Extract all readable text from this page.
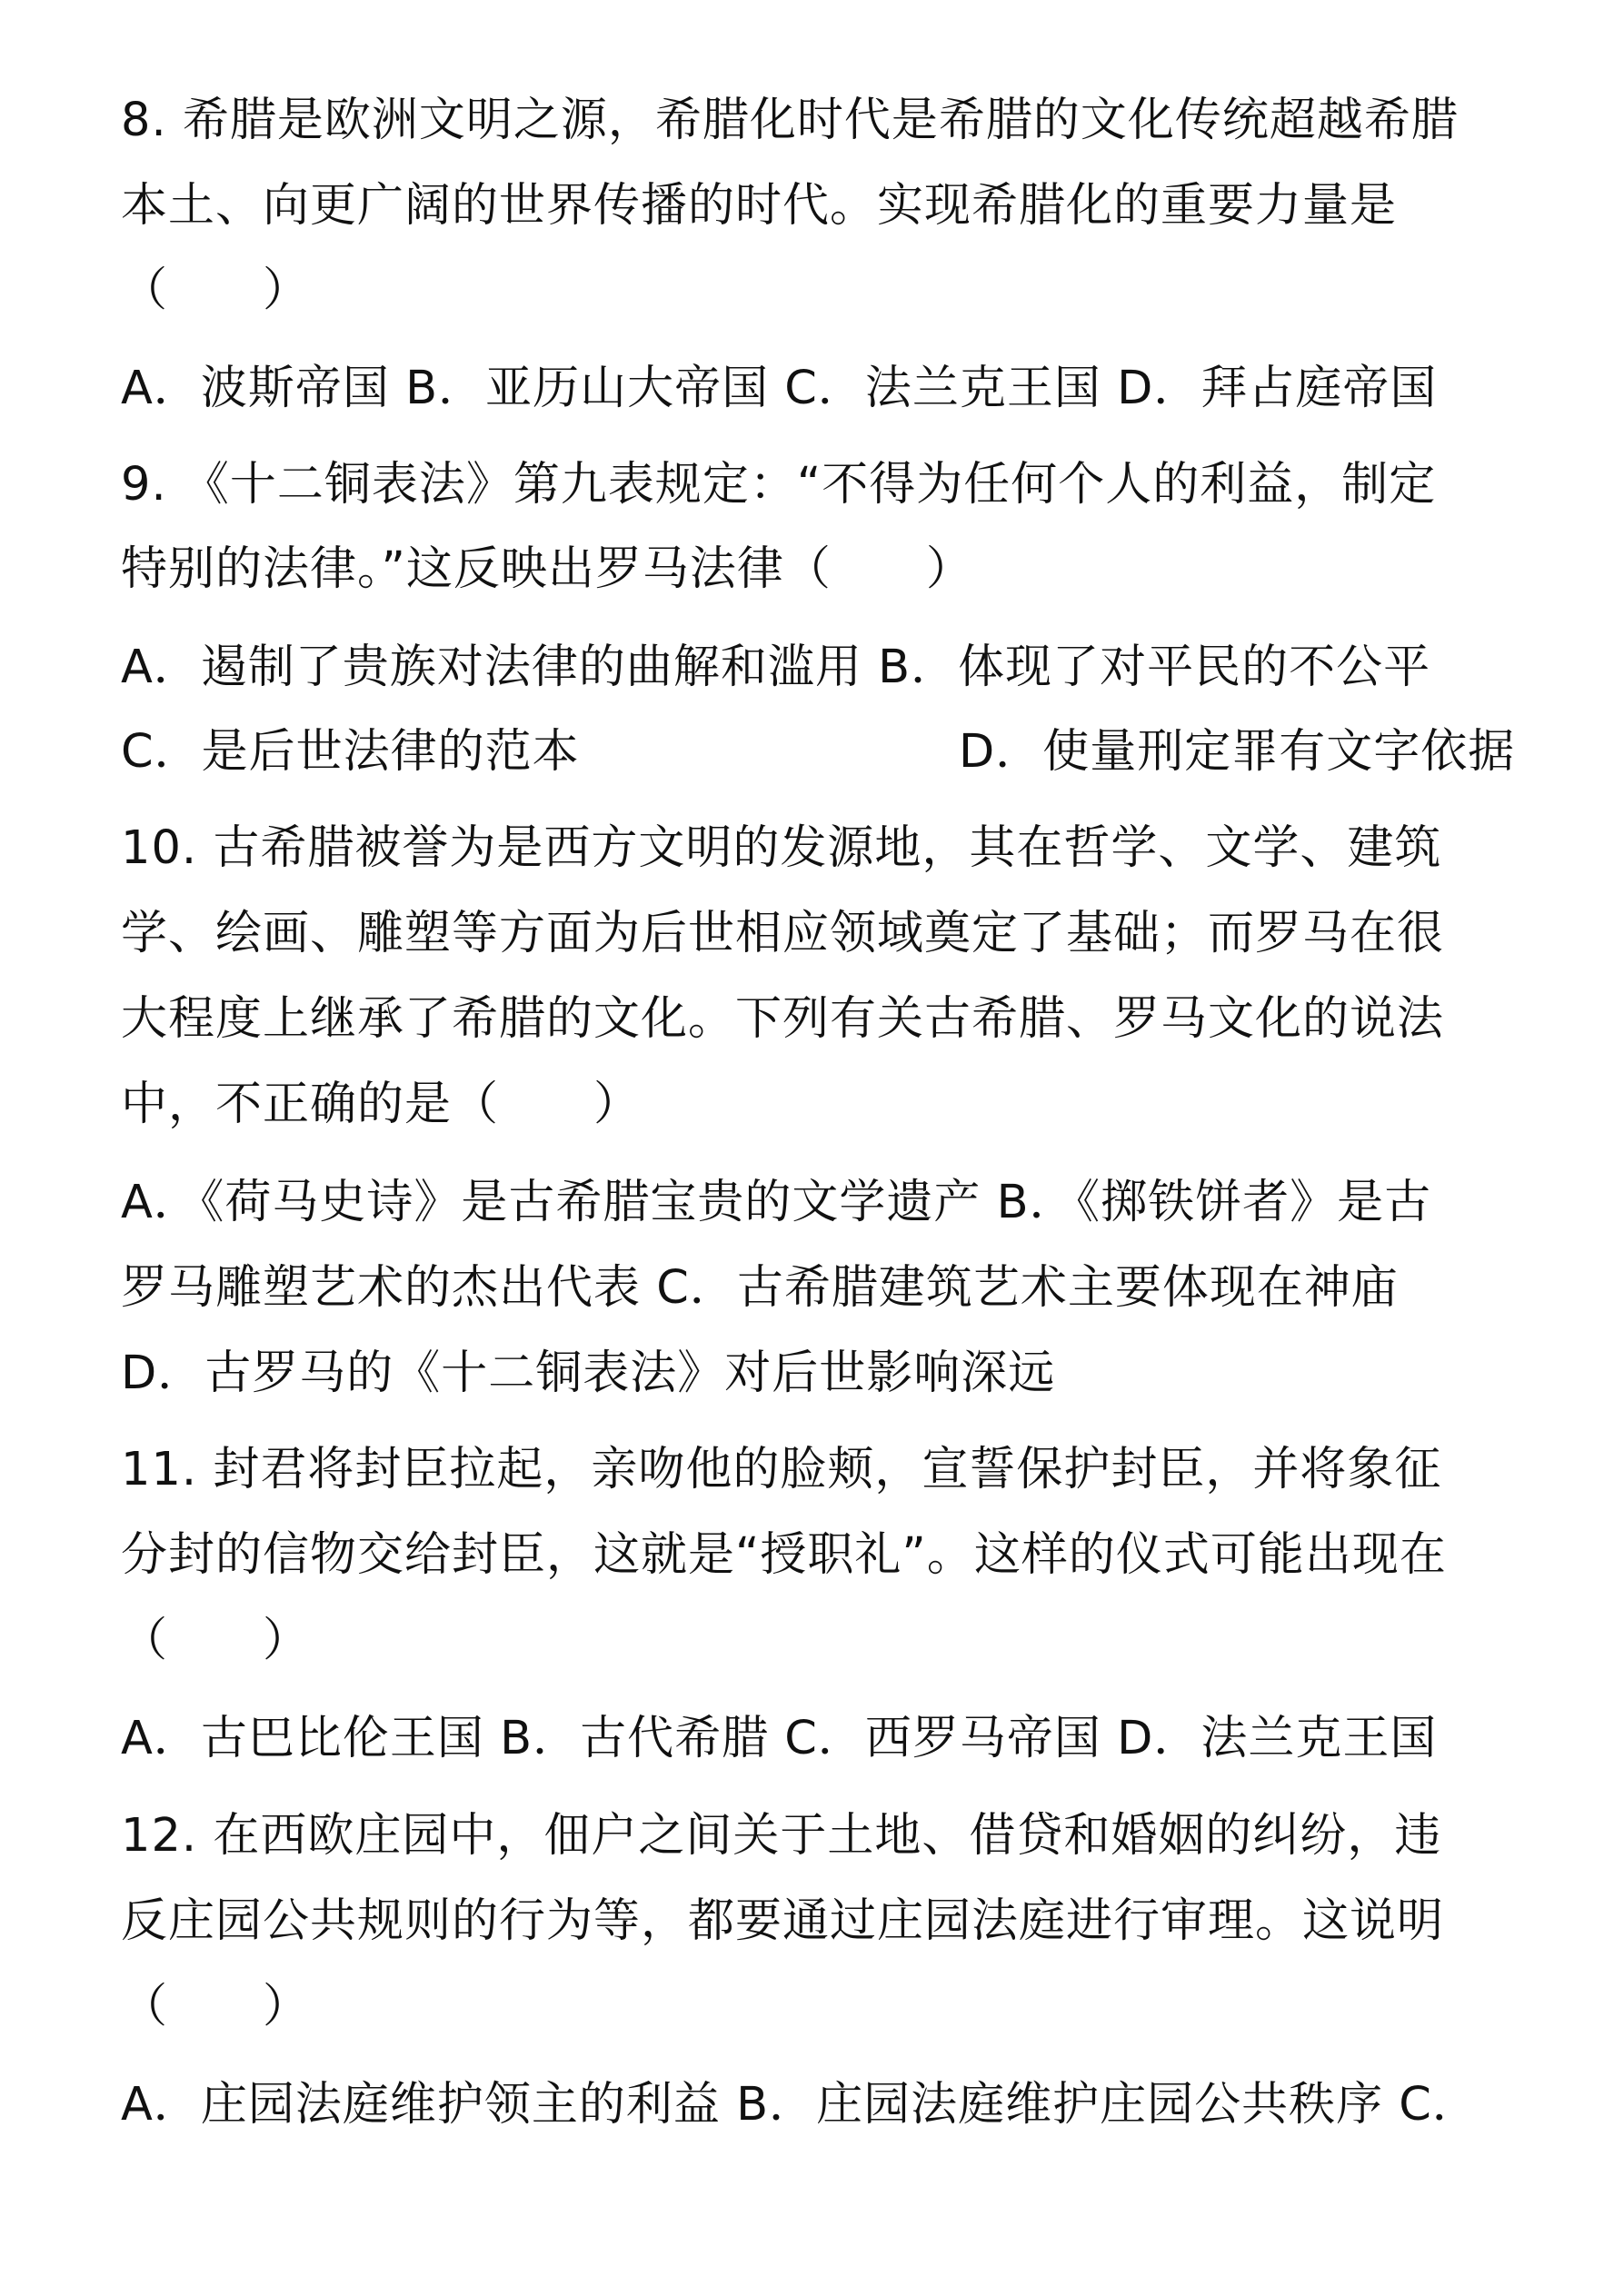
8. 希腊是欧洲文明之源，希腊化时代是希腊的文化传统超越希腊
本土、向更广阔的世界传播的时代。实现希腊化的重要力量是
（　　）
A．波斯帝国 B．亚历山大帝国 C．法兰克王国 D．拜占庭帝国
9. 《十二铜表法》第九表规定：“不得为任何个人的利益，制定
特别的法律。”这反映出罗马法律（　　）
A．遏制了贵族对法律的曲解和滥用 B．体现了对平民的不公平
C．是后世法律的范本	D．使量刑定罪有文字依据
10. 古希腊被誉为是西方文明的发源地，其在哲学、文学、建筑
学、绘画、雕塑等方面为后世相应领域奠定了基础；而罗马在很
大程度上继承了希腊的文化。下列有关古希腊、罗马文化的说法
中，不正确的是（　　）
A．《荷马史诗》是古希腊宝贵的文学遗产 B．《掷铁饼者》是古
罗马雕塑艺术的杰出代表 C．古希腊建筑艺术主要体现在神庙
D．古罗马的《十二铜表法》对后世影响深远
11. 封君将封臣拉起，亲吻他的脸颊，宣誓保护封臣，并将象征
分封的信物交给封臣，这就是“授职礼”。这样的仪式可能出现在
（　　）
A．古巴比伦王国 B．古代希腊 C．西罗马帝国 D．法兰克王国
12. 在西欧庄园中，佃户之间关于土地、借贷和婚姻的纠纷，违
反庄园公共规则的行为等，都要通过庄园法庭进行审理。这说明
（　　）
A．庄园法庭维护领主的利益 B．庄园法庭维护庄园公共秩序 C．
